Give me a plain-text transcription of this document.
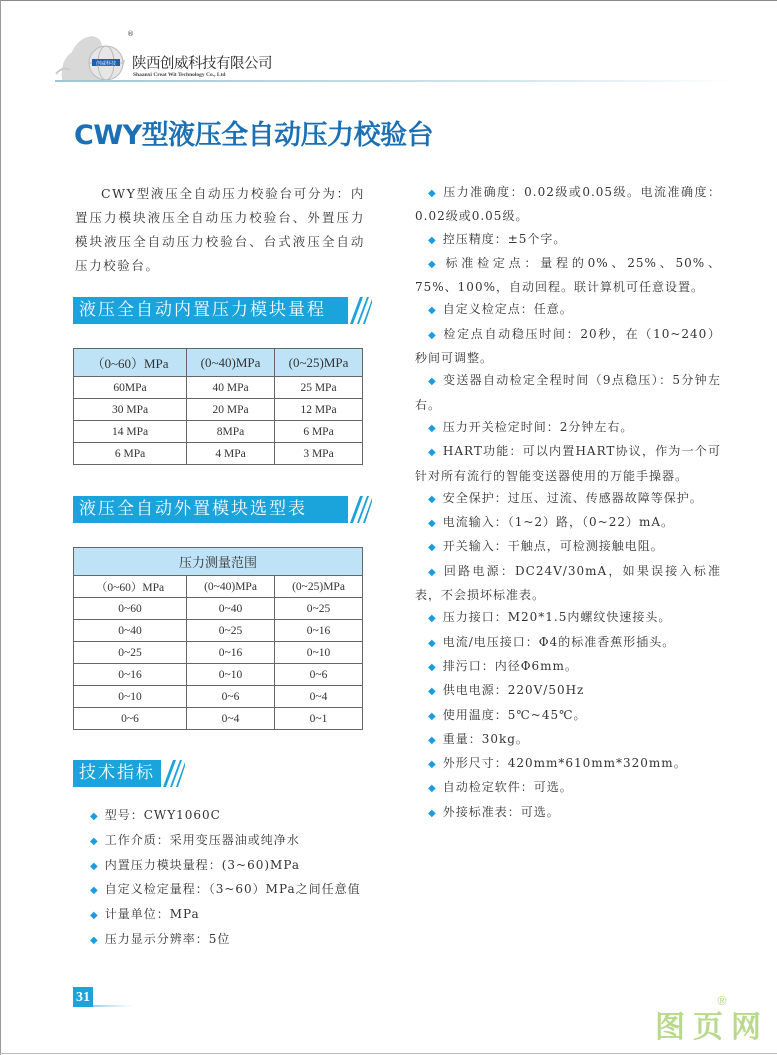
创威科技
®
陕西创威科技有限公司
Shaanxi Creat Wit Technology Co., Ltd
CWY型液压全自动压力校验台

CWY型液压全自动压力校验台可分为：内置压力模块液压全自动压力校验台、外置压力模块液压全自动压力校验台、台式液压全自动压力校验台。

液压全自动内置压力模块量程
（0~60）MPa	(0~40)MPa	(0~25)MPa
60MPa	40 MPa	25 MPa
30 MPa	20 MPa	12 MPa
14 MPa	8MPa	6 MPa
6 MPa	4 MPa	3 MPa
液压全自动外置模块选型表
压力测量范围		
（0~60）MPa	(0~40)MPa	(0~25)MPa
0~60	0~40	0~25
0~40	0~25	0~16
0~25	0~16	0~10
0~16	0~10	0~6
0~10	0~6	0~4
0~6	0~4	0~1
技术指标
◆ 型号：CWY1060C
◆ 工作介质：采用变压器油或纯净水
◆ 内置压力模块量程：(3~60)MPa
◆ 自定义检定量程：（3~60）MPa之间任意值
◆ 计量单位：MPa
◆ 压力显示分辨率：5位
◆ 压力准确度：0.02级或0.05级。电流准确度：0.02级或0.05级。
◆ 控压精度：±5个字。
◆ 标准检定点：量程的0%、25%、50%、75%、100%，自动回程。联计算机可任意设置。
◆ 自定义检定点：任意。
◆ 检定点自动稳压时间：20秒，在（10~240）秒间可调整。
◆ 变送器自动检定全程时间（9点稳压）：5分钟左右。
◆ 压力开关检定时间：2分钟左右。
◆ HART功能：可以内置HART协议，作为一个可针对所有流行的智能变送器使用的万能手操器。
◆ 安全保护：过压、过流、传感器故障等保护。
◆ 电流输入：（1~2）路，（0~22）mA。
◆ 开关输入：干触点，可检测接触电阻。
◆ 回路电源：DC24V/30mA，如果误接入标准表，不会损坏标准表。
◆ 压力接口：M20*1.5内螺纹快速接头。
◆ 电流/电压接口：Φ4的标准香蕉形插头。
◆ 排污口：内径Φ6mm。
◆ 供电电源：220V/50Hz
◆ 使用温度：5℃~45℃。
◆ 重量：30kg。
◆ 外形尺寸：420mm*610mm*320mm。
◆ 自动检定软件：可选。
◆ 外接标准表：可选。
31
图页网
®
